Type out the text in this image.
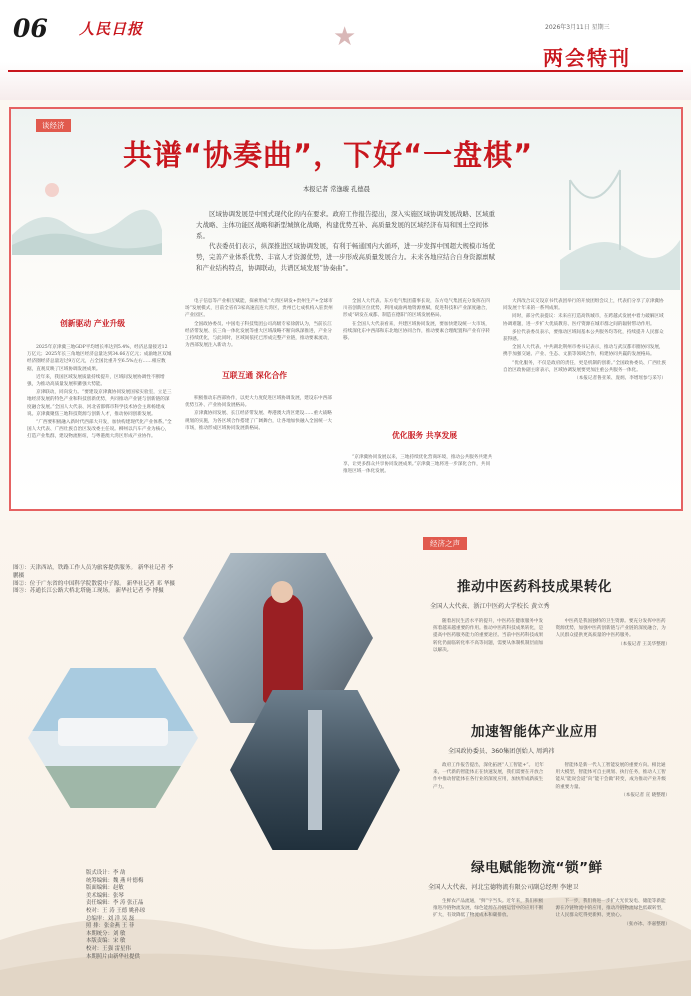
06 人民日报	★	2026年3月11日 星期三
两会特刊
谈经济
共谱“协奏曲”，下好“一盘棋”
本报记者 常逸璇 孔德晨

区域协调发展是中国式现代化的内在要求。政府工作报告提出，深入实施区域协调发展战略、区域重大战略、主体功能区战略和新型城镇化战略，构建优势互补、高质量发展的区域经济布局和国土空间体系。

代表委员们表示，纵深推进区域协调发展，有利于畅通国内大循环，进一步发挥中国超大规模市场优势，完善产业体系优势、丰富人才资源优势，进一步形成高质量发展合力。未来各地应结合自身资源禀赋和产业结构特点，协调联动，共谱区域发展“协奏曲”。

创新驱动 产业升级

2025年京津冀三地GDP平均增长率达到5.4%，经济总量接近12万亿元；2025年长三角地区经济总量达到34.66万亿元；成渝地区双城经济圈经济总量迈过9万亿元，占全国比重升至6.5%左右……相应数据，直观反映了区域协调发展成果。

近年来，我国区域发展质量持续提升，区域间发展协调性不断增强，为推动高质量发展积蓄强大势能。

京津联动，同向发力。“要建设京津冀协同发展国家实验室，立足三地经济发展的特色产业和科技创新优势，共同推动产业链与创新链的深度融合发展。”全国人大代表、河北省邯郸市科学技术协会主席杨建成说。京津冀聚焦三地科技资源与创新人才，推动协同创新发展。

“广西要积极融入新时代西部大开发，加快构建现代化产业体系。”全国人大代表、广西壮族自治区发改委主任说。柳州以汽车产业为核心，打造产业集群，建设物流枢纽，与粤港澳大湾区形成产业协作。

电子信息等产业相互赋能，探索形成“大湾区研发+贵州生产+全球市场”发展模式，目前全省有3家高速直连大湾区，贵州已七成机构入驻贵州产业园区。

全国政协委员、中国电子科技集团公司高级专家徐蔚认为，当前长江经济带发展、长三角一体化发展等重大区域战略不断向纵深推进，产业分工持续优化，与此同时，区域间依托已形成完整产业链，推动要素流动，为西部发展注入新动力。

互联互通 深化合作

积极推动东西部协作，以更大力度促进区域协调发展，建设东中西部优势互补、产业协同发展格局。

京津冀协同发展、长江经济带发展、粤港澳大湾区建设……重大战略规划的实施，为各区域合作搭建了广阔舞台，让各地加快融入全国统一大市场，推动形成区域协同发展新格局。

全国人大代表、东方电气集团董事长说，东方电气集团充分发挥在四川省创新区位优势，利用成渝两地资源禀赋，促进科技和产业深度融合，形成“研发在成都、制造在德阳”的区域发展格局。

在全国人大代表看来，共建区域协同发展，要加快建设统一大市场，持续深化东中西部和东北地区协同合作，推动要素合理配置和产业有序转移。

优化服务 共享发展

“京津冀协同发展以来，三地持续优化营商环境，推动公共服务共建共享，让更多群众共享协同发展成果。”京津冀三地将进一步深化合作，共同推进区域一体化发展。

大四改合议交设京书代表团举行的开放团组会议上，代表们分享了京津冀协同发展十年来的一系列成果。

同时，部分代表提议：未来应打造高铁城市，在跨越式发展中着力破解区域协调难题，进一步扩大优质教育、医疗资源在城市群之间的辐射带动作用。

多位代表委员表示，要推动区域间基本公共服务均等化，持续提升人民群众获得感。

全国人大代表、中共湖北荆州市委书记表示，推动与武汉都市圈协同发展，携手加强交通、产业、生态、文旅等领域合作，构建协同共赢的发展格局。

“优化服务，不仅是政府的责任，更是机制的创新。”全国政协委员、广西壮族自治区政协副主席表示，区域协调发展要更加注重公共服务一体化。

（本报记者鲁亚莱、庞炳、李增瑶参与采写）

经济之声
图①：天津西站，铁路工作人员为旅客提供服务。 新华社记者 李 鹏摄
图②：位于广东省的中国科学院散裂中子源。 新华社记者 邓 华摄
图③：苏通长江公路大桥北塔施工现场。 新华社记者 李 博摄
版式设计：李 劼
统筹编辑：魏 燕 叶德梅
版面编辑：赵敏
美术编辑：张琴
责任编辑：李 涛 张正晶
校对：王 涛 王德 姚孙琼
总编审：刘 洋 吴 磊
照 排：张金燕 王 菲
本期统分：刘 敏
本版责编：宋 敏
校对：王强 雷星伟
本期照片由新华社提供
推动中医药科技成果转化
全国人大代表、浙江中医药大学校长 黄立秀

随着居民生活水平的提升，中医药在健康服务中发挥着越来越重要的作用。推动中医药科技成果转化，是提高中医药服务能力的重要途径。当前中医药科技成果转化仍面临转化率不高等问题，需要从体制机制层面加以解决。

中医药是我国独特的卫生资源。要充分发挥中医药资源优势，加强中医药创新链与产业链的深度融合，为人民群众提供更高质量的中医药服务。

（本报记者 王美华整理）

加速智能体产业应用
全国政协委员、360集团创始人 周鸿祎

政府工作报告提出，深化拓展“人工智能+”。 近年来，一代新的智能体正在快速发展，我们需要在开放合作中推动智能体在各行业的深度应用，加快形成新质生产力。

智能体是新一代人工智能发展的重要方向。相比通用大模型，智能体可自主规划、执行任务，推动人工智能从“能说会道”向“能干会做”转变，成为推动产业升级的重要力量。

（本报记者 宣 晓整理）

绿电赋能物流“锁”鲜
全国人大代表、河北宝德物流有限公司副总经理 李建卫

生鲜农产品流通，“鲜”字当头。近年来，我们积极推进冷链物流发展，绿色能源在冷链运营中的应用不断扩大，有效降低了物流成本和碳排放。

下一步，我们将进一步扩大光伏发电、储能等新能源在冷链物流中的应用，推动冷链物流绿色低碳转型，让人民群众吃得更新鲜、更放心。

（张亦冰、李嘉整理）
